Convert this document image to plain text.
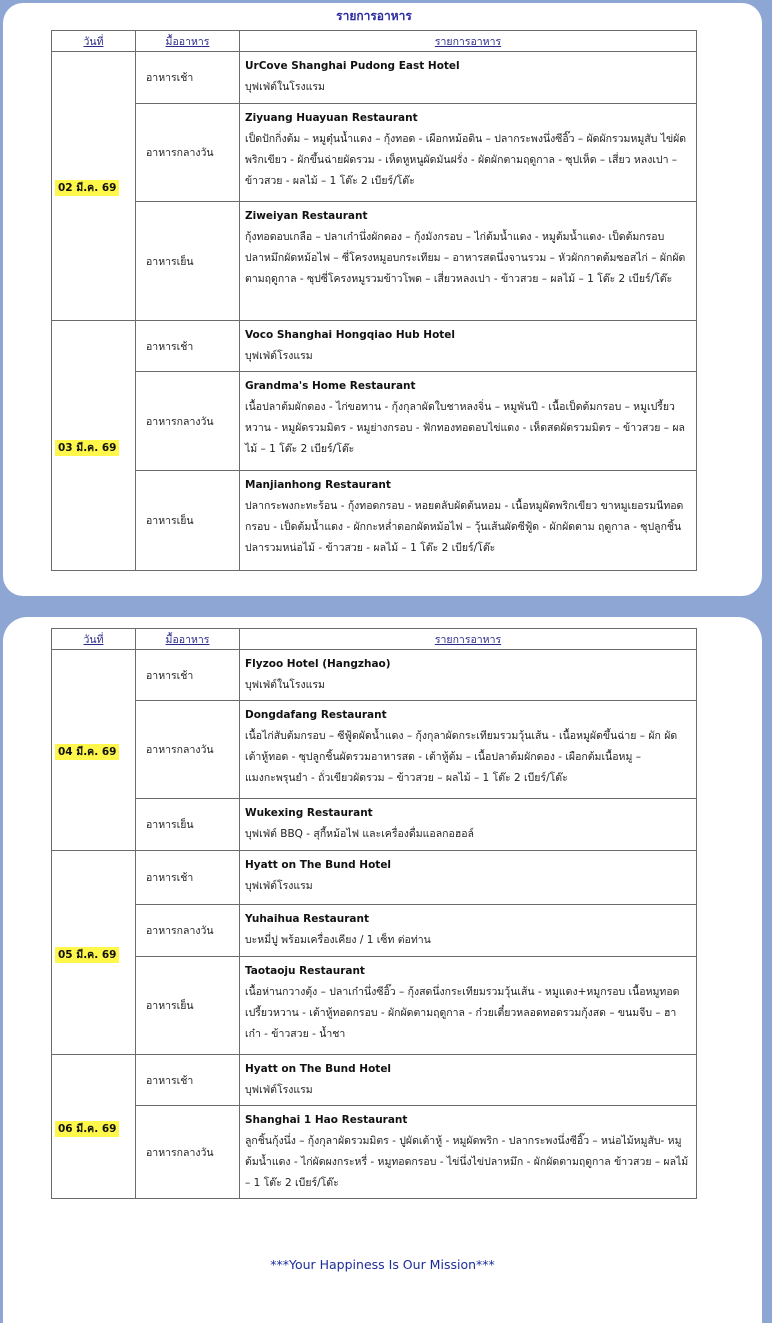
รายการอาหาร
วันที่	มื้ออาหาร	รายการอาหาร
02 มี.ค. 69	อาหารเช้า	UrCove Shanghai Pudong East Hotel
บุฟเฟ่ต์ในโรงแรม

	อาหารกลางวัน	Ziyuang Huayuan Restaurant
เป็ดปักกิ่งต้ม – หมูตุ๋นน้ำแดง – กุ้งทอด - เผือกหม้อดิน – ปลากระพงนึ่งซีอิ๊ว – ผัดผักรวมหมูสับ ไข่ผัดพริกเขียว - ผักขึ้นฉ่ายผัดรวม - เห็ดหูหนูผัดมันฝรั่ง - ผัดผักตามฤดูกาล - ซุปเห็ด – เสี่ยว หลงเปา – ข้าวสวย - ผลไม้ – 1 โต๊ะ 2 เบียร์/โต๊ะ

	อาหารเย็น	Ziweiyan Restaurant
กุ้งทอดอบเกลือ – ปลาเก๋านึ่งผักดอง – กุ้งมังกรอบ – ไก่ต้มน้ำแดง - หมูต้มน้ำแดง- เป็ดต้มกรอบ ปลาหมึกผัดหม้อไฟ – ซี่โครงหมูอบกระเทียม – อาหารสดนึ่งจานรวม – หัวผักกาดต้มซอสไก่ – ผักผัดตามฤดูกาล - ซุปซี่โครงหมูรวมข้าวโพด – เสี่ยวหลงเปา - ข้าวสวย – ผลไม้ – 1 โต๊ะ 2 เบียร์/โต๊ะ

03 มี.ค. 69	อาหารเช้า	Voco Shanghai Hongqiao Hub Hotel
บุฟเฟ่ต์โรงแรม

	อาหารกลางวัน	Grandma's Home Restaurant
เนื้อปลาต้มผักดอง - ไก่ขอทาน - กุ้งกุลาผัดใบชาหลงจิ่น – หมูพันปี - เนื้อเป็ดต้มกรอบ – หมูเปรี้ยวหวาน - หมูผัดรวมมิตร - หมูย่างกรอบ - ฟักทองทอดอบไข่แดง - เห็ดสดผัดรวมมิตร – ข้าวสวย – ผลไม้ – 1 โต๊ะ 2 เบียร์/โต๊ะ

	อาหารเย็น	Manjianhong Restaurant
ปลากระพงกะทะร้อน - กุ้งทอดกรอบ - หอยตลับผัดต้นหอม - เนื้อหมูผัดพริกเขียว ขาหมูเยอรมนีทอดกรอบ - เป็ดต้มน้ำแดง - ผักกะหล่ำดอกผัดหม้อไฟ – วุ้นเส้นผัดซีฟู้ด - ผักผัดตาม ฤดูกาล - ซุปลูกชิ้นปลารวมหน่อไม้ - ข้าวสวย - ผลไม้ – 1 โต๊ะ 2 เบียร์/โต๊ะ
วันที่	มื้ออาหาร	รายการอาหาร
04 มี.ค. 69	อาหารเช้า	Flyzoo Hotel (Hangzhao)
บุฟเฟ่ต์ในโรงแรม

	อาหารกลางวัน	Dongdafang Restaurant
เนื้อไก่สับต้มกรอบ – ซีฟู้ดผัดน้ำแดง – กุ้งกุลาผัดกระเทียมรวมวุ้นเส้น - เนื้อหมูผัดขึ้นฉ่าย – ผัก ผัดเต้าหู้ทอด - ซุปลูกชิ้นผัดรวมอาหารสด - เต้าหู้ต้ม – เนื้อปลาต้มผักดอง - เผือกต้มเนื้อหมู – แมงกะพรุนยำ - ถั่วเขียวผัดรวม – ข้าวสวย – ผลไม้ – 1 โต๊ะ 2 เบียร์/โต๊ะ

	อาหารเย็น	Wukexing Restaurant
บุฟเฟ่ต์ BBQ - สุกี้หม้อไฟ และเครื่องดื่มแอลกอฮอล์

05 มี.ค. 69	อาหารเช้า	Hyatt on The Bund Hotel
บุฟเฟ่ต์โรงแรม

	อาหารกลางวัน	Yuhaihua Restaurant
บะหมี่ปู พร้อมเครื่องเคียง / 1 เซ็ท ต่อท่าน

	อาหารเย็น	Taotaoju Restaurant
เนื้อห่านกวางตุ้ง – ปลาเก๋านึ่งซีอิ๊ว – กุ้งสดนึ่งกระเทียมรวมวุ้นเส้น - หมูแดง+หมูกรอบ เนื้อหมูทอดเปรี้ยวหวาน - เต้าหู้ทอดกรอบ - ผักผัดตามฤดูกาล - ก๋วยเตี๋ยวหลอดทอดรวมกุ้งสด – ขนมจีบ – ฮาเก๋า - ข้าวสวย - น้ำชา

06 มี.ค. 69	อาหารเช้า	Hyatt on The Bund Hotel
บุฟเฟ่ต์โรงแรม

	อาหารกลางวัน	Shanghai 1 Hao Restaurant
ลูกชิ้นกุ้งนึ่ง – กุ้งกุลาผัดรวมมิตร - ปูผัดเต้าหู้ - หมูผัดพริก - ปลากระพงนึ่งซีอิ๊ว – หน่อไม้หมูสับ- หมูต้มน้ำแดง - ไก่ผัดผงกระหรี่ - หมูทอดกรอบ - ไข่นึ่งไข่ปลาหมึก - ผักผัดตามฤดูกาล ข้าวสวย – ผลไม้ – 1 โต๊ะ 2 เบียร์/โต๊ะ
***Your Happiness Is Our Mission***
